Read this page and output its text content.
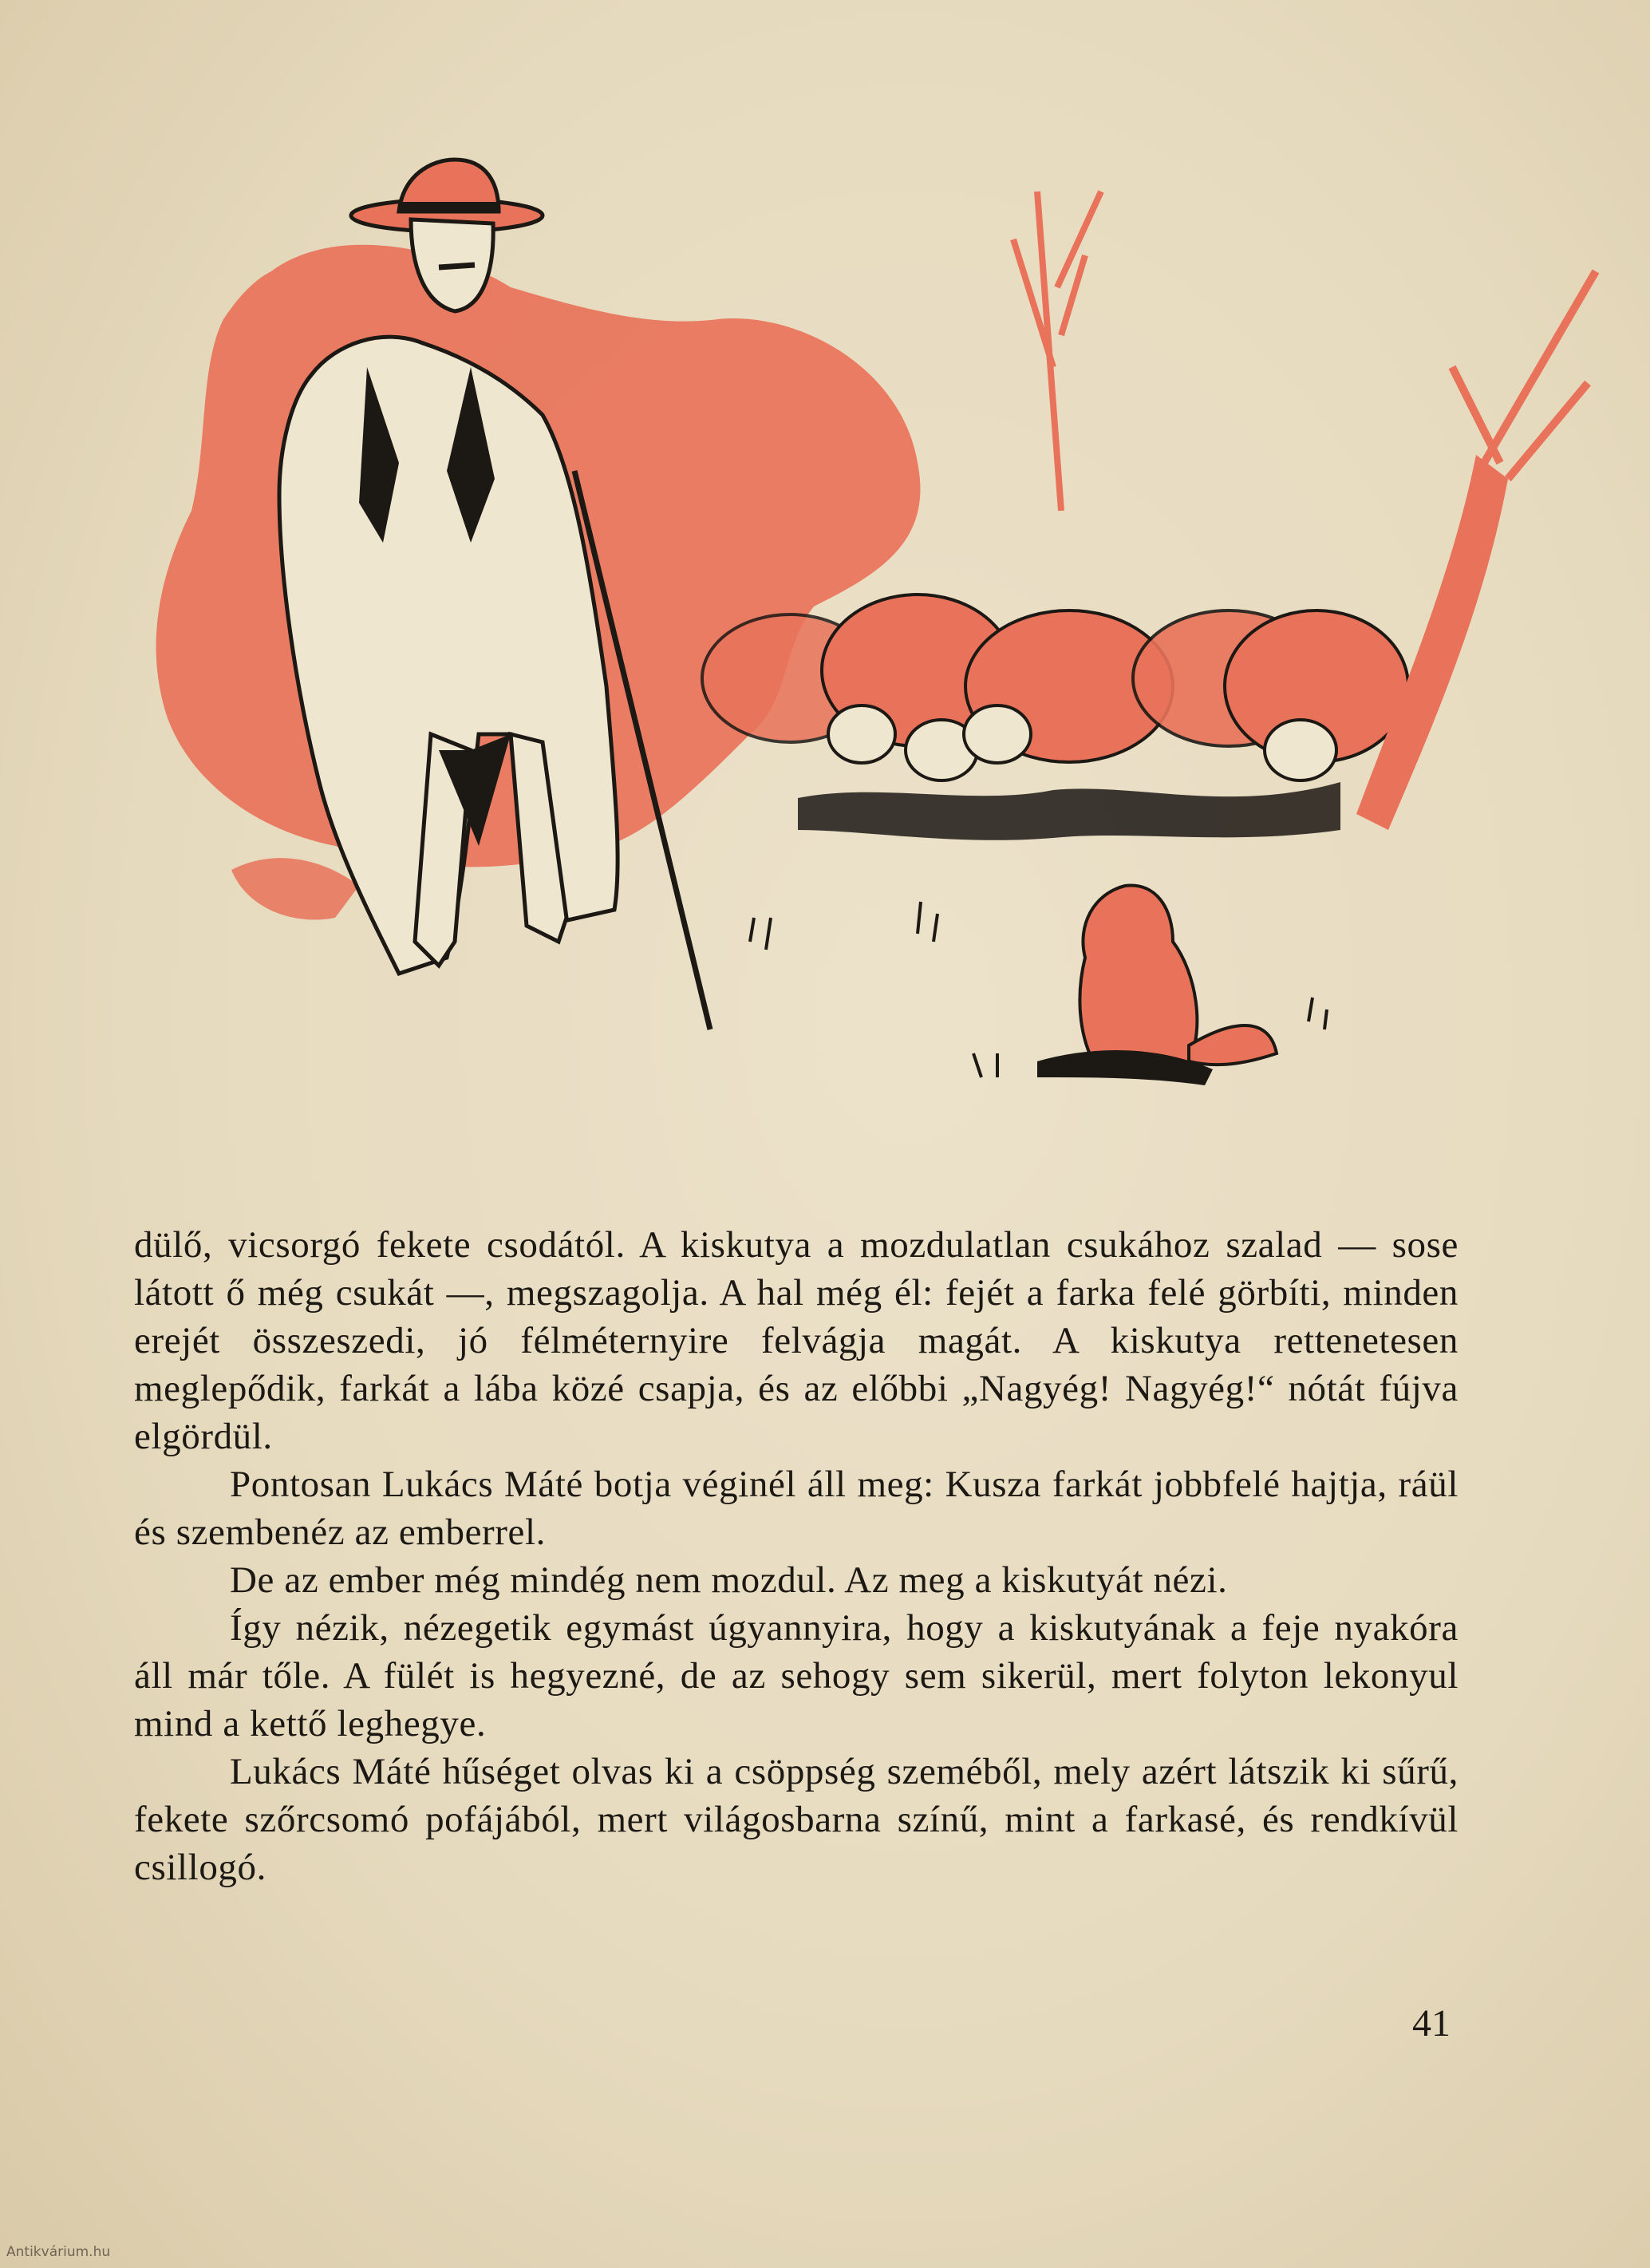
dülő, vicsorgó fekete csodától. A kiskutya a mozdulatlan csukához szalad — sose látott ő még csukát —, megszagolja. A hal még él: fejét a farka felé görbíti, minden erejét összeszedi, jó félméternyire felvágja magát. A kiskutya rettenetesen meglepődik, farkát a lába közé csapja, és az előbbi „Nagyég! Nagyég!“ nótát fújva elgördül.

Pontosan Lukács Máté botja véginél áll meg: Kusza farkát jobbfelé hajtja, ráül és szembenéz az emberrel.

De az ember még mindég nem mozdul. Az meg a kiskutyát nézi.

Így nézik, nézegetik egymást úgyannyira, hogy a kiskutyának a feje nyakóra áll már tőle. A fülét is hegyezné, de az sehogy sem sikerül, mert folyton lekonyul mind a kettő leghegye.

Lukács Máté hűséget olvas ki a csöppség szeméből, mely azért látszik ki sűrű, fekete szőrcsomó pofájából, mert világosbarna színű, mint a farkasé, és rendkívül csillogó.

41
Antikvárium.hu
